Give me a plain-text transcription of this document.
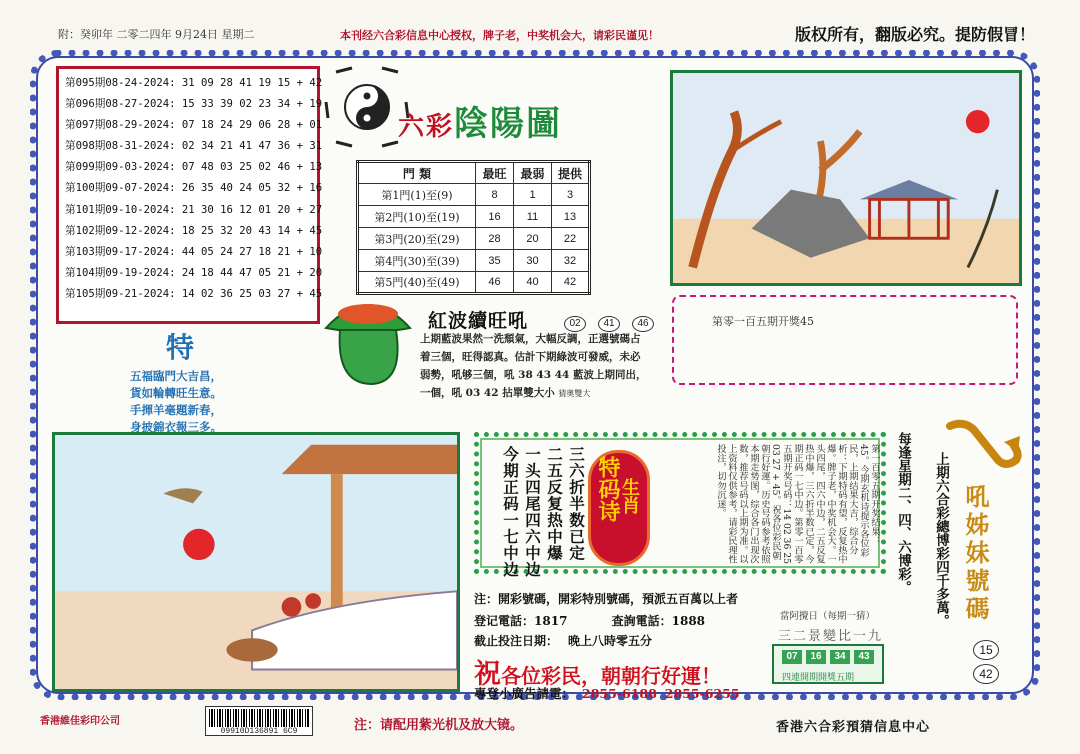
附：癸卯年 二零二四年 9月24日 星期二	本刊经六合彩信息中心授权，牌子老，中奖机会大，请彩民谨见！	版权所有，翻版必究。提防假冒！
第095期08-24-2024: 31 09 28 41 19 15 + 42
第096期08-27-2024: 15 33 39 02 23 34 + 19
第097期08-29-2024: 07 18 24 29 06 28 + 01
第098期08-31-2024: 02 34 21 41 47 36 + 31
第099期09-03-2024: 07 48 03 25 02 46 + 13
第100期09-07-2024: 26 35 40 24 05 32 + 16
第101期09-10-2024: 21 30 16 12 01 20 + 27
第102期09-12-2024: 18 25 32 20 43 14 + 45
第103期09-17-2024: 44 05 24 27 18 21 + 10
第104期09-19-2024: 24 18 44 47 05 21 + 20
第105期09-21-2024: 14 02 36 25 03 27 + 45
六彩陰陽圖
門 類	最旺	最弱	提供
第1門(1)至(9)	8	1	3
第2門(10)至(19)	16	11	13
第3門(20)至(29)	28	20	22
第4門(30)至(39)	35	30	32
第5門(40)至(49)	46	40	42
第零一百五期开獎45
紅波續旺吼	02	41	46
上期藍波果然一洗頹氣，大幅反調，正選號碼占
着三個，旺得認真。估計下期綠波可發威，未必
弱勢，吼够三個，吼 38 43 44 藍波上期同出，
一個，吼 03 42 拈單雙大小 猜奥雙大
特
五福臨門大吉昌，
貨如輪轉旺生意。
手揮羊毫題新春，
身披錦衣報三多。
三六折半数已定
二五反复热中爆
一头四尾四六中边
今期正码一七中边	特码诗
生肖	第一百零五期开奖结果：45。今期玄机诗提示各位彩民，上期结果大吉，综合分析：下期特码有望，反复热中爆。牌子老，中奖机会大。一头四尾，四六中边，二五反复热中爆，三六折半数已定，今期正码一七中边。第零一百零五期开奖号码：14 02 36 25 03 27 + 45。祝各位彩民朝朝行好運。历史号码参考依照本期走势图，综合各门出现次数，推荐号码以上期为准。以上资料仅供参考，请彩民理性投注，切勿沉迷。	每逢星期二、四、六博彩。 上期六合彩總博彩四千多萬。 吼姊妹號碼
15
42
注：開彩號碼，開彩特別號碼，預派五百萬以上者
登记電話：1817	查詢電話：1888
截止投注日期： 晚上八時零五分
祝各位彩民，朝朝行好運！
專登小廣告請電： 2855-6188 2855-6255
當阿攪日（每期一猜）
三二景變比一九
07	16	34	43
四連開期開獎五期
香港維佳彩印公司
09910D136891 6C9	注：请配用紫光机及放大镜。	香港六合彩預猜信息中心
